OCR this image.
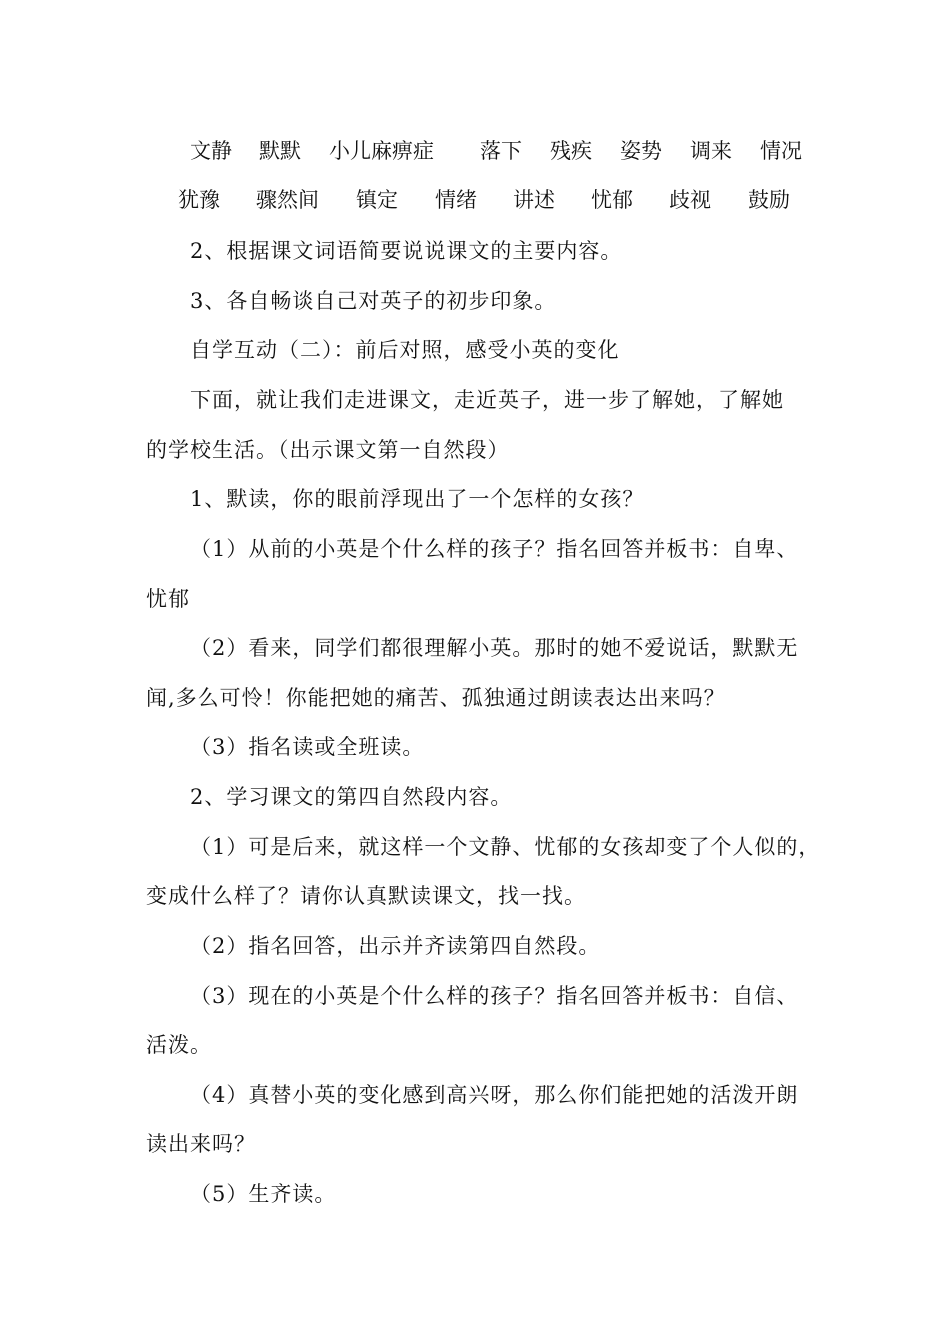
文静 默默 小儿麻痹症 落下 残疾 姿势 调来 情况
犹豫 骤然间 镇定 情绪 讲述 忧郁 歧视 鼓励
2、根据课文词语简要说说课文的主要内容。
3、各自畅谈自己对英子的初步印象。
自学互动（二）：前后对照，感受小英的变化
下面，就让我们走进课文，走近英子，进一步了解她，了解她
的学校生活。（出示课文第一自然段）
1、默读，你的眼前浮现出了一个怎样的女孩？
（1）从前的小英是个什么样的孩子？指名回答并板书：自卑、
忧郁
（2）看来，同学们都很理解小英。那时的她不爱说话，默默无
闻,多么可怜！你能把她的痛苦、孤独通过朗读表达出来吗？
（3）指名读或全班读。
2、学习课文的第四自然段内容。
（1）可是后来，就这样一个文静、忧郁的女孩却变了个人似的，
变成什么样了？请你认真默读课文，找一找。
（2）指名回答，出示并齐读第四自然段。
（3）现在的小英是个什么样的孩子？指名回答并板书：自信、
活泼。
（4）真替小英的变化感到高兴呀，那么你们能把她的活泼开朗
读出来吗？
（5）生齐读。
